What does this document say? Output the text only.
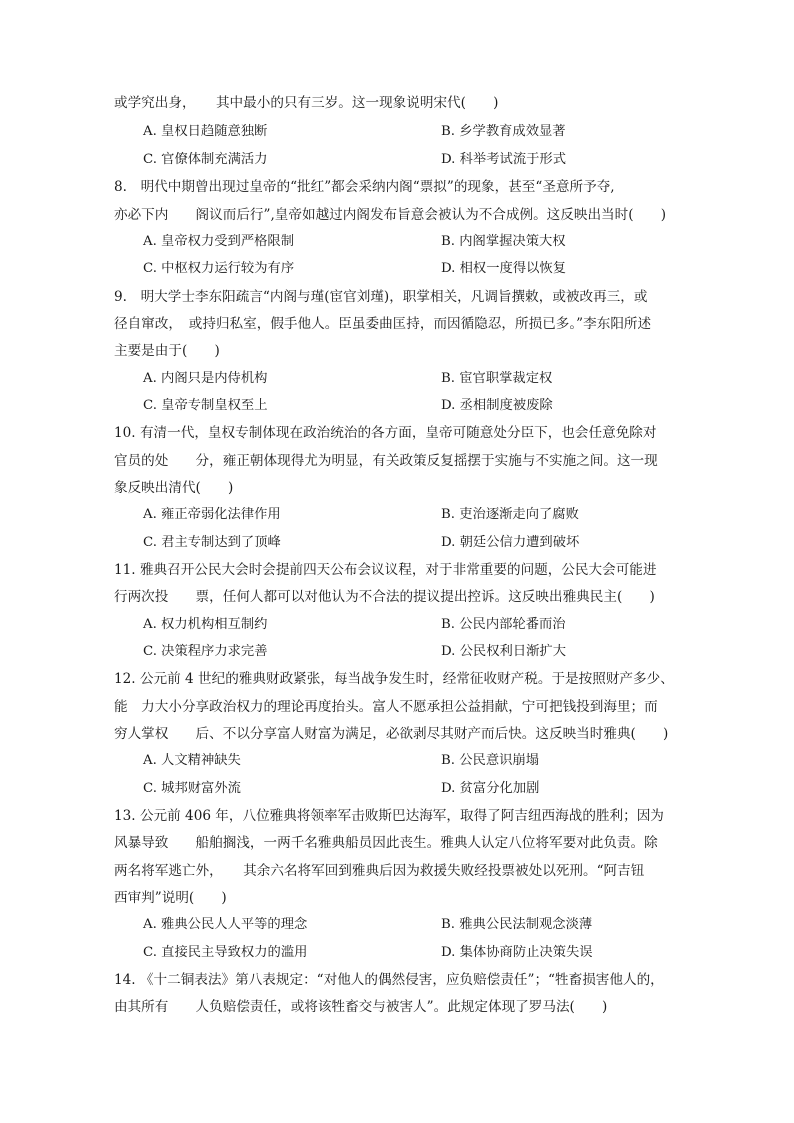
或学究出身，　　其中最小的只有三岁。这一现象说明宋代(　　)
A. 皇权日趋随意独断	B. 乡学教育成效显著
C. 官僚体制充满活力	D. 科举考试流于形式
8.　明代中期曾出现过皇帝的“批红”都会采纳内阁“票拟”的现象，甚至“圣意所予夺,
亦必下内　　阁议而后行”,皇帝如越过内阁发布旨意会被认为不合成例。这反映出当时(　　)
A. 皇帝权力受到严格限制	B. 内阁掌握决策大权
C. 中枢权力运行较为有序	D. 相权一度得以恢复
9.　明大学士李东阳疏言“内阁与瑾(宦官刘瑾)，职掌相关，凡调旨撰敕，或被改再三，或
径自窜改，　或持归私室，假手他人。臣虽委曲匡持，而因循隐忍，所损已多。”李东阳所述
主要是由于(　　)
A. 内阁只是内侍机构	B. 宦官职掌裁定权
C. 皇帝专制皇权至上	D. 丞相制度被废除
10. 有清一代，皇权专制体现在政治统治的各方面，皇帝可随意处分臣下，也会任意免除对
官员的处　　分，雍正朝体现得尤为明显，有关政策反复摇摆于实施与不实施之间。这一现
象反映出清代(　　)
A. 雍正帝弱化法律作用	B. 吏治逐渐走向了腐败
C. 君主专制达到了顶峰	D. 朝廷公信力遭到破坏
11. 雅典召开公民大会时会提前四天公布会议议程，对于非常重要的问题，公民大会可能进
行两次投　　票，任何人都可以对他认为不合法的提议提出控诉。这反映出雅典民主(　　)
A. 权力机构相互制约	B. 公民内部轮番而治
C. 决策程序力求完善	D. 公民权利日渐扩大
12. 公元前 4 世纪的雅典财政紧张，每当战争发生时，经常征收财产税。于是按照财产多少、
能　力大小分享政治权力的理论再度抬头。富人不愿承担公益捐献，宁可把钱投到海里；而
穷人掌权　　后、不以分享富人财富为满足，必欲剥尽其财产而后快。这反映当时雅典(　　)
A. 人文精神缺失	B. 公民意识崩塌
C. 城邦财富外流	D. 贫富分化加剧
13. 公元前 406 年，八位雅典将领率军击败斯巴达海军，取得了阿吉纽西海战的胜利；因为
风暴导致　　船舶搁浅，一两千名雅典船员因此丧生。雅典人认定八位将军要对此负责。除
两名将军逃亡外，　　其余六名将军回到雅典后因为救援失败经投票被处以死刑。“阿吉钮
西审判”说明(　　)
A. 雅典公民人人平等的理念	B. 雅典公民法制观念淡薄
C. 直接民主导致权力的滥用	D. 集体协商防止决策失误
14. 《十二铜表法》第八表规定：“对他人的偶然侵害，应负赔偿责任”；“牲畜损害他人的，
由其所有　　人负赔偿责任，或将该牲畜交与被害人”。此规定体现了罗马法(　　)
